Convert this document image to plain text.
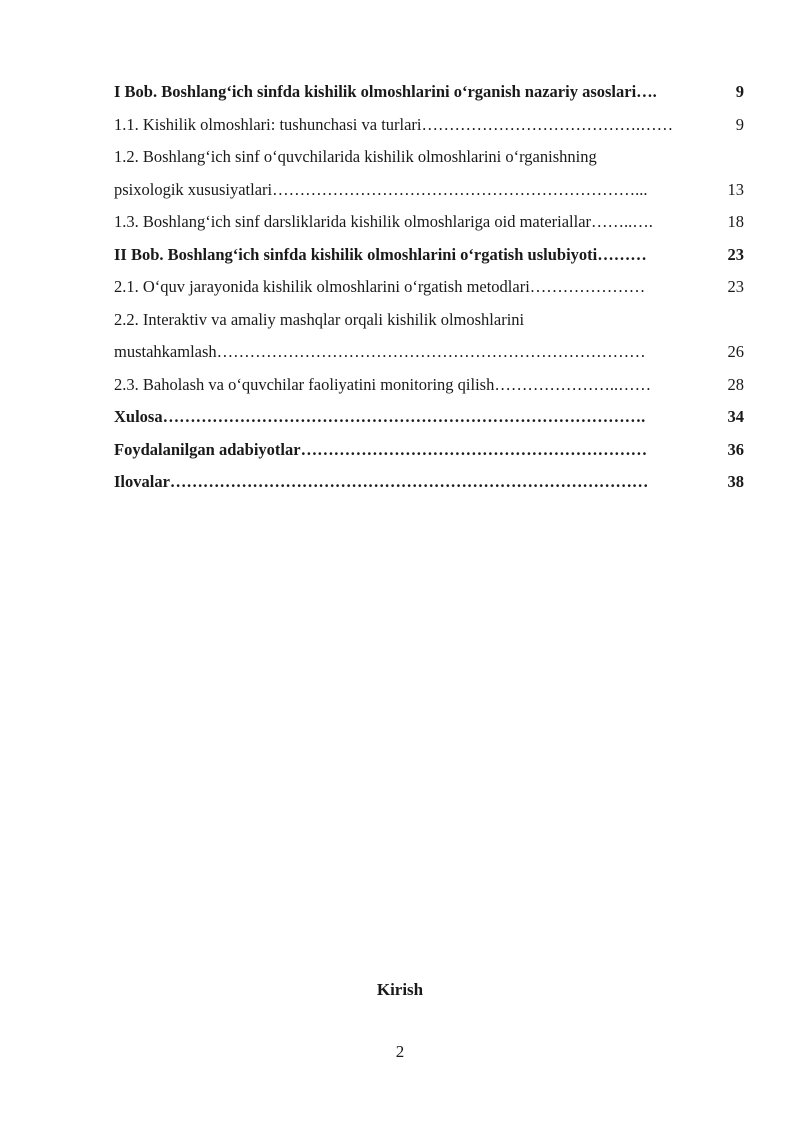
I Bob. Boshlang‘ich sinfda kishilik olmoshlarini o‘rganish nazariy asoslari ….	9
1.1. Kishilik olmoshlari: tushunchasi va turlari ………………………………….……	9
1.2. Boshlang‘ich sinf o‘quvchilarida kishilik olmoshlarini o‘rganishning
psixologik xususiyatlari …………………………………………………………...	13
1.3. Boshlang‘ich sinf darsliklarida kishilik olmoshlariga oid materiallar ……..….	18
II Bob. Boshlang‘ich sinfda kishilik olmoshlarini o‘rgatish uslubiyoti ………	23
2.1. O‘quv jarayonida kishilik olmoshlarini o‘rgatish metodlari …………………	23
2.2. Interaktiv va amaliy mashqlar orqali kishilik olmoshlarini
mustahkamlash ……………………………………………………………………	26
2.3. Baholash va o‘quvchilar faoliyatini monitoring qilish …………………..……	28
Xulosa …………………………………………………………………………….	34
Foydalanilgan adabiyotlar ………………………………………………………	36
Ilovalar ……………………………………………………………………………	38
Kirish
2
